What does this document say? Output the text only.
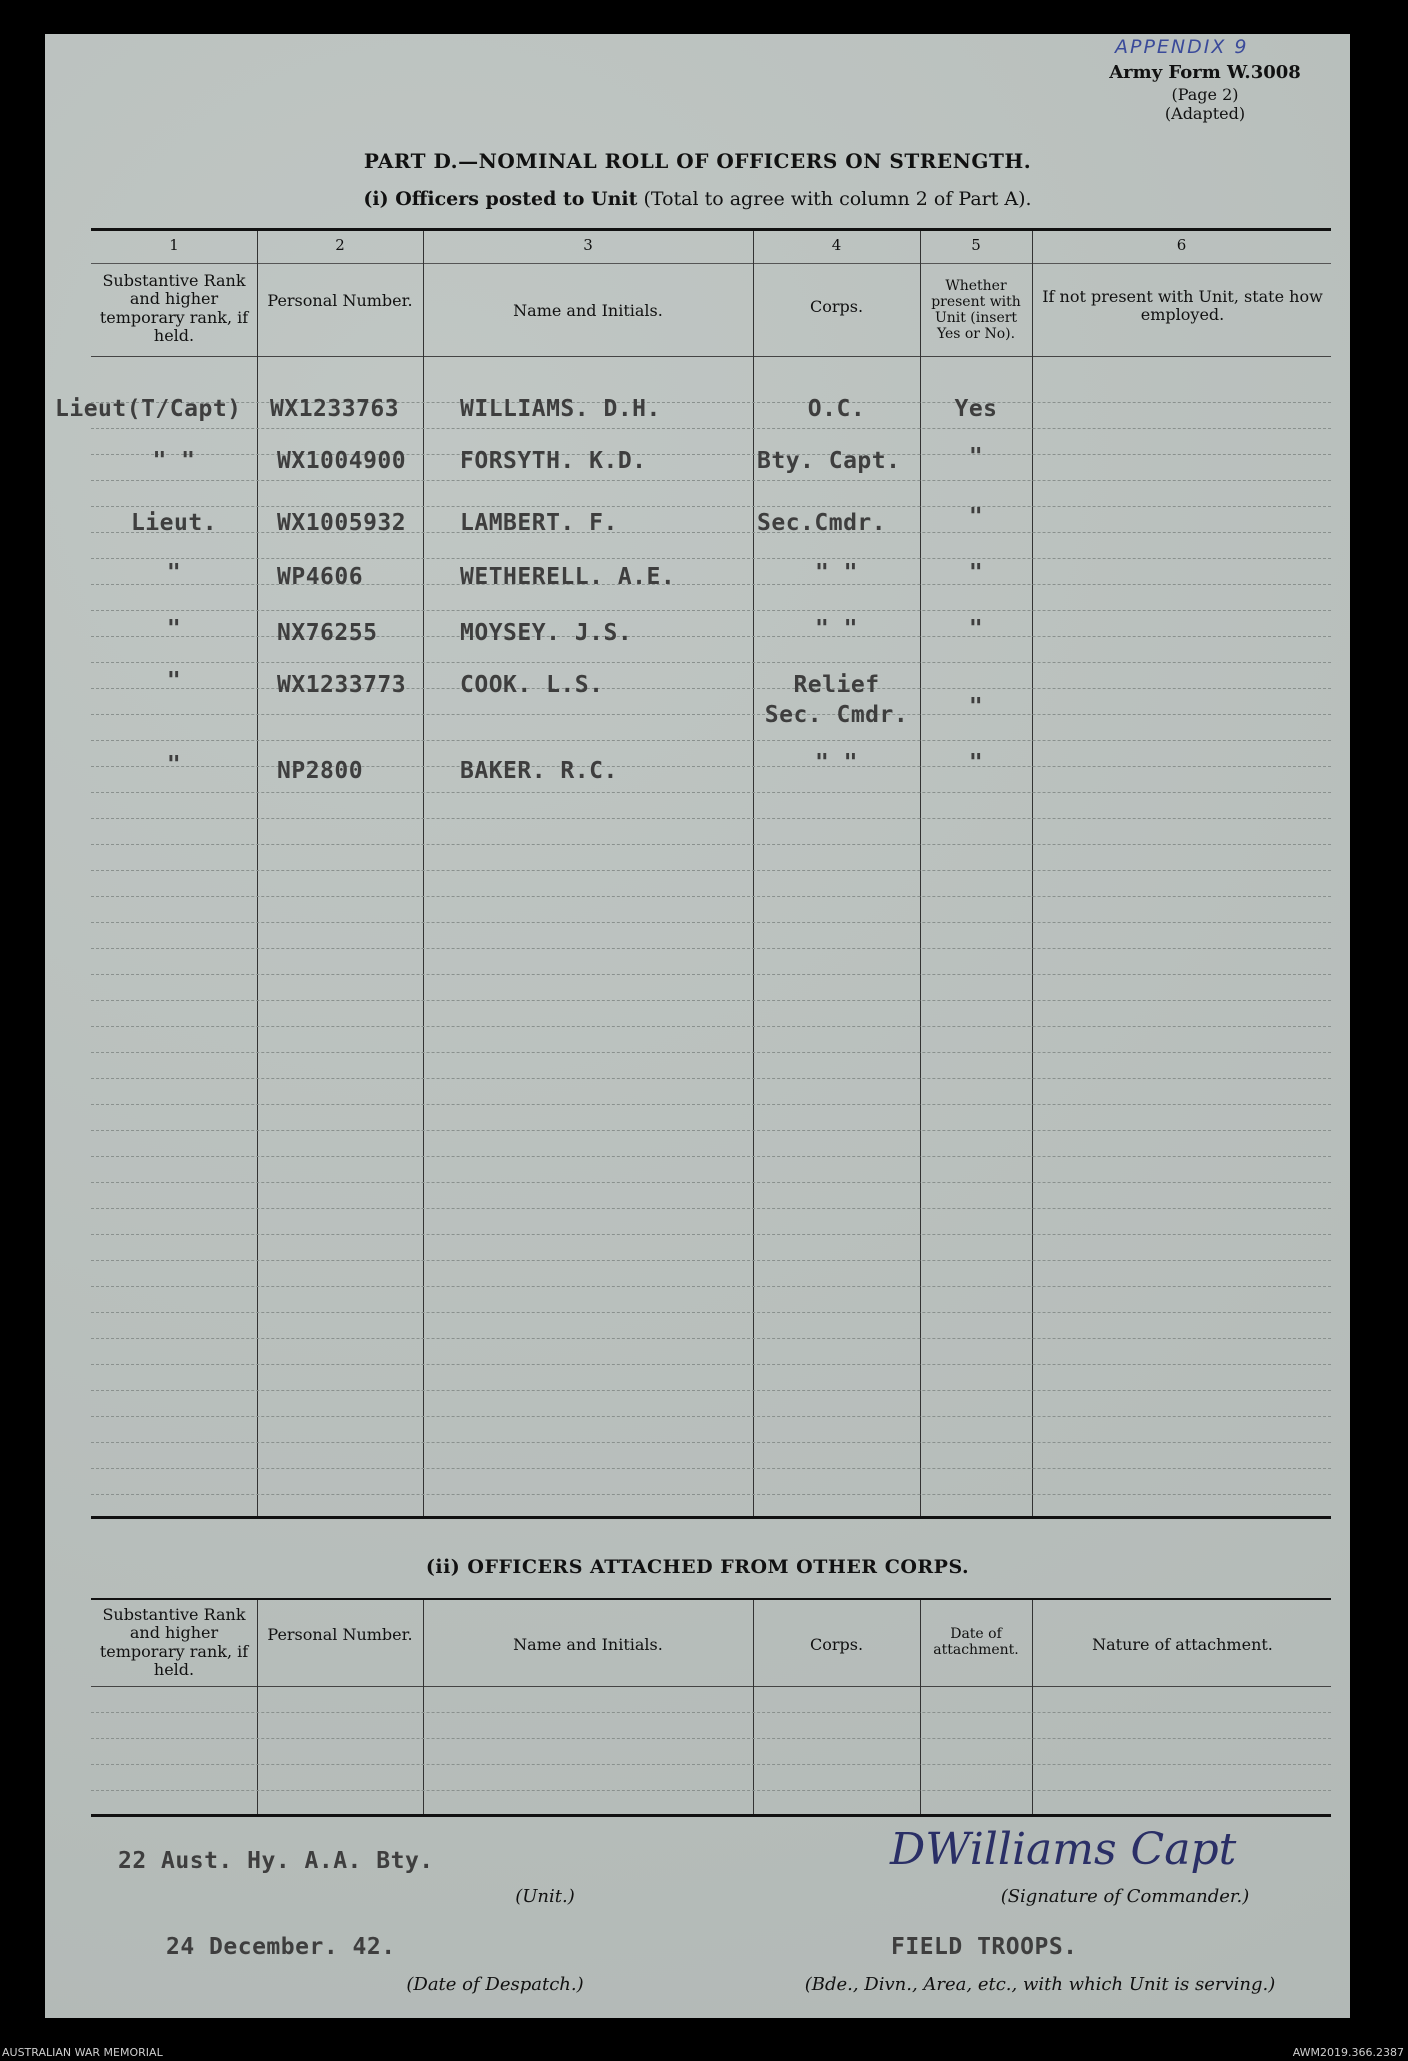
APPENDIX 9
Army Form W.3008
(Page 2)
(Adapted)
PART D.—NOMINAL ROLL OF OFFICERS ON STRENGTH.
(i) Officers posted to Unit (Total to agree with column 2 of Part A).
1	2	3	4	5	6
Substantive Rank and higher temporary rank, if held.
Personal Number.
Name and Initials.	Corps.
Whether present with Unit (insert Yes or No).
If not present with Unit, state how employed.
Lieut(T/Capt) WX1233763	WILLIAMS. D.H.	O.C.	Yes
" "	WX1004900 FORSYTH. K.D.	Bty. Capt.	"
Lieut.	WX1005932 LAMBERT. F.	Sec.Cmdr.	"
"	WP4606	WETHERELL. A.E.	" "	"
"	NX76255	MOYSEY. J.S.	" "	"
"	WX1233773 COOK. L.S.	Relief
Sec. Cmdr.	"
"	NP2800	BAKER. R.C.	" "	"
(ii) OFFICERS ATTACHED FROM OTHER CORPS.
Substantive Rank and higher temporary rank, if held.
Personal Number.
Name and Initials.	Corps.
Date of attachment.	Nature of attachment.
22 Aust. Hy. A.A. Bty.
(Unit.)
DWilliams Capt
(Signature of Commander.)
24 December. 42.
(Date of Despatch.)
FIELD TROOPS.
(Bde., Divn., Area, etc., with which Unit is serving.)
AUSTRALIAN WAR MEMORIAL	AWM2019.366.2387
